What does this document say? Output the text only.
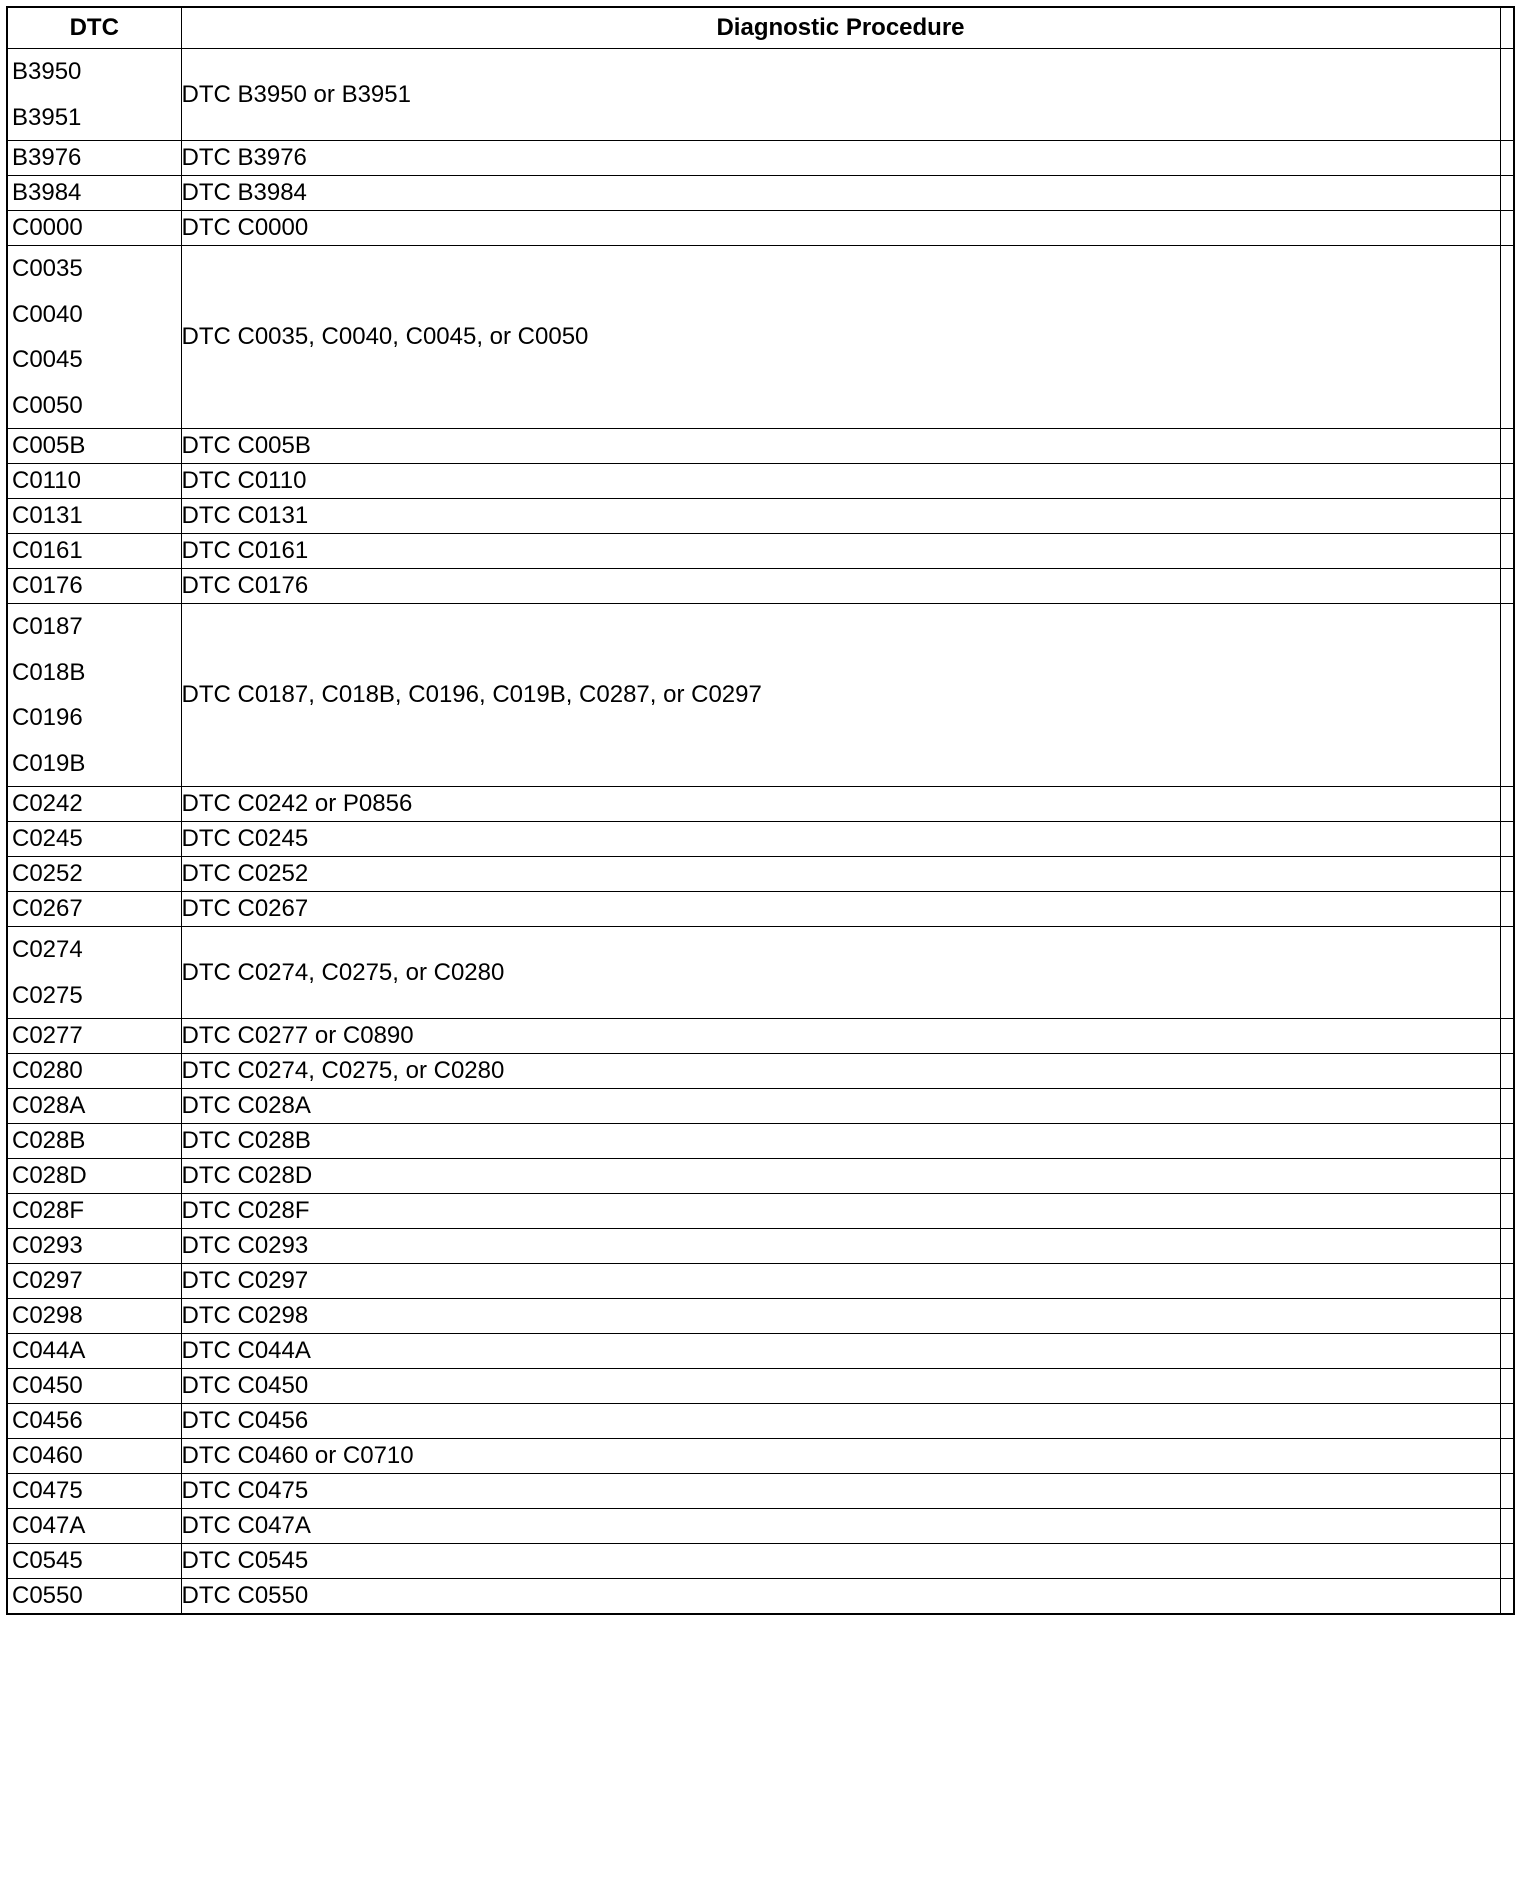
DTC	Diagnostic Procedure	

B3950
B3951	DTC B3950 or B3951	

B3976	DTC B3976	

B3984	DTC B3984	

C0000	DTC C0000	

C0035
C0040
C0045
C0050	DTC C0035, C0040, C0045, or C0050	

C005B	DTC C005B	

C0110	DTC C0110	

C0131	DTC C0131	

C0161	DTC C0161	

C0176	DTC C0176	

C0187
C018B
C0196
C019B	DTC C0187, C018B, C0196, C019B, C0287, or C0297	

C0242	DTC C0242 or P0856	

C0245	DTC C0245	

C0252	DTC C0252	

C0267	DTC C0267	

C0274
C0275	DTC C0274, C0275, or C0280	

C0277	DTC C0277 or C0890	

C0280	DTC C0274, C0275, or C0280	

C028A	DTC C028A	

C028B	DTC C028B	

C028D	DTC C028D	

C028F	DTC C028F	

C0293	DTC C0293	

C0297	DTC C0297	

C0298	DTC C0298	

C044A	DTC C044A	

C0450	DTC C0450	

C0456	DTC C0456	

C0460	DTC C0460 or C0710	

C0475	DTC C0475	

C047A	DTC C047A	

C0545	DTC C0545	

C0550	DTC C0550	
